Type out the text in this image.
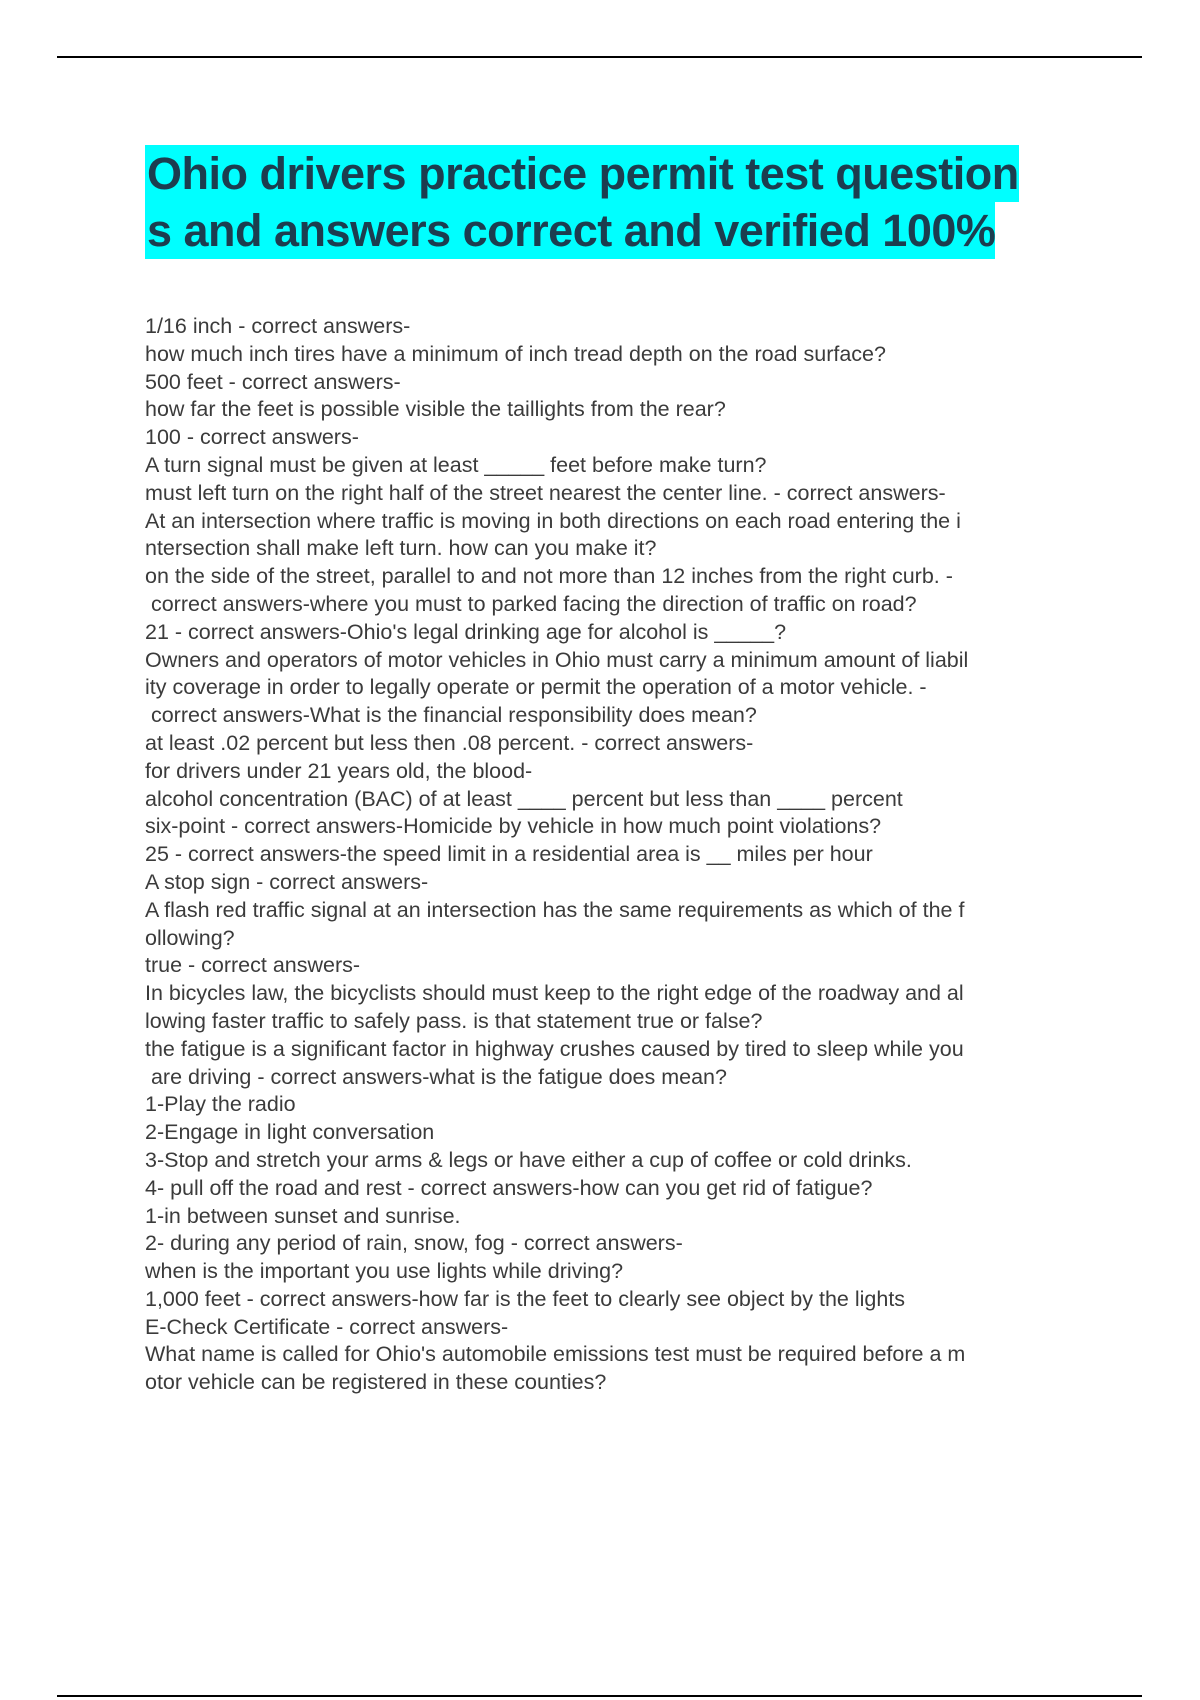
Ohio drivers practice permit test question
s and answers correct and verified 100%
1/16 inch - correct answers-
how much inch tires have a minimum of inch tread depth on the road surface?
500 feet - correct answers-
how far the feet is possible visible the taillights from the rear?
100 - correct answers-
A turn signal must be given at least _____ feet before make turn?
must left turn on the right half of the street nearest the center line. - correct answers-
At an intersection where traffic is moving in both directions on each road entering the i
ntersection shall make left turn. how can you make it?
on the side of the street, parallel to and not more than 12 inches from the right curb. -
correct answers-where you must to parked facing the direction of traffic on road?
21 - correct answers-Ohio's legal drinking age for alcohol is _____?
Owners and operators of motor vehicles in Ohio must carry a minimum amount of liabil
ity coverage in order to legally operate or permit the operation of a motor vehicle. -
correct answers-What is the financial responsibility does mean?
at least .02 percent but less then .08 percent. - correct answers-
for drivers under 21 years old, the blood-
alcohol concentration (BAC) of at least ____ percent but less than ____ percent
six-point - correct answers-Homicide by vehicle in how much point violations?
25 - correct answers-the speed limit in a residential area is __ miles per hour
A stop sign - correct answers-
A flash red traffic signal at an intersection has the same requirements as which of the f
ollowing?
true - correct answers-
In bicycles law, the bicyclists should must keep to the right edge of the roadway and al
lowing faster traffic to safely pass. is that statement true or false?
the fatigue is a significant factor in highway crushes caused by tired to sleep while you
are driving - correct answers-what is the fatigue does mean?
1-Play the radio
2-Engage in light conversation
3-Stop and stretch your arms & legs or have either a cup of coffee or cold drinks.
4- pull off the road and rest - correct answers-how can you get rid of fatigue?
1-in between sunset and sunrise.
2- during any period of rain, snow, fog - correct answers-
when is the important you use lights while driving?
1,000 feet - correct answers-how far is the feet to clearly see object by the lights
E-Check Certificate - correct answers-
What name is called for Ohio's automobile emissions test must be required before a m
otor vehicle can be registered in these counties?
